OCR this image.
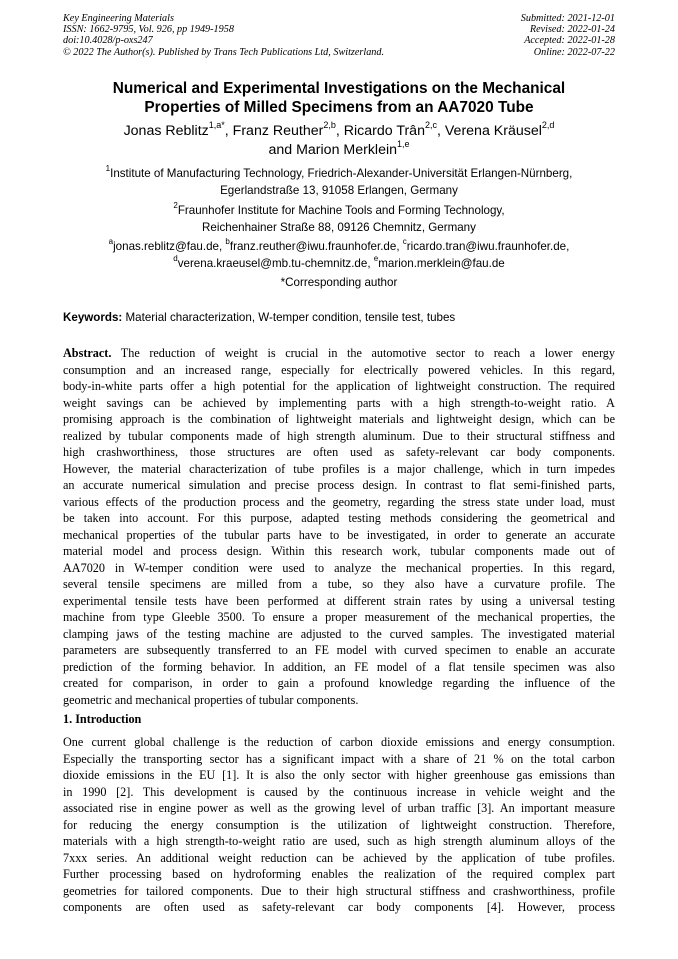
Key Engineering Materials
ISSN: 1662-9795, Vol. 926, pp 1949-1958
doi:10.4028/p-oxs247
© 2022 The Author(s). Published by Trans Tech Publications Ltd, Switzerland.
Submitted: 2021-12-01
Revised: 2022-01-24
Accepted: 2022-01-28
Online: 2022-07-22
Numerical and Experimental Investigations on the Mechanical
Properties of Milled Specimens from an AA7020 Tube
Jonas Reblitz$^{1,a*}$, Franz Reuther$^{2,b}$, Ricardo Trân$^{2,c}$, Verena Kräusel$^{2,d}$
and Marion Merklein$^{1,e}$
$^1$Institute of Manufacturing Technology, Friedrich-Alexander-Universität Erlangen-Nürnberg,
Egerlandstraße 13, 91058 Erlangen, Germany
$^2$Fraunhofer Institute for Machine Tools and Forming Technology,
Reichenhainer Straße 88, 09126 Chemnitz, Germany
$^a$jonas.reblitz@fau.de, $^b$franz.reuther@iwu.fraunhofer.de, $^c$ricardo.tran@iwu.fraunhofer.de,
$^d$verena.kraeusel@mb.tu-chemnitz.de, $^e$marion.merklein@fau.de
*Corresponding author
Keywords: Material characterization, W-temper condition, tensile test, tubes
Abstract. The reduction of weight is crucial in the automotive sector to reach a lower energy
consumption and an increased range, especially for electrically powered vehicles. In this regard,
body-in-white parts offer a high potential for the application of lightweight construction. The required
weight savings can be achieved by implementing parts with a high strength-to-weight ratio. A
promising approach is the combination of lightweight materials and lightweight design, which can be
realized by tubular components made of high strength aluminum. Due to their structural stiffness and
high crashworthiness, those structures are often used as safety-relevant car body components.
However, the material characterization of tube profiles is a major challenge, which in turn impedes
an accurate numerical simulation and precise process design. In contrast to flat semi-finished parts,
various effects of the production process and the geometry, regarding the stress state under load, must
be taken into account. For this purpose, adapted testing methods considering the geometrical and
mechanical properties of the tubular parts have to be investigated, in order to generate an accurate
material model and process design. Within this research work, tubular components made out of
AA7020 in W-temper condition were used to analyze the mechanical properties. In this regard,
several tensile specimens are milled from a tube, so they also have a curvature profile. The
experimental tensile tests have been performed at different strain rates by using a universal testing
machine from type Gleeble 3500. To ensure a proper measurement of the mechanical properties, the
clamping jaws of the testing machine are adjusted to the curved samples. The investigated material
parameters are subsequently transferred to an FE model with curved specimen to enable an accurate
prediction of the forming behavior. In addition, an FE model of a flat tensile specimen was also
created for comparison, in order to gain a profound knowledge regarding the influence of the
geometric and mechanical properties of tubular components.
1. Introduction
One current global challenge is the reduction of carbon dioxide emissions and energy consumption.
Especially the transporting sector has a significant impact with a share of 21 % on the total carbon
dioxide emissions in the EU [1]. It is also the only sector with higher greenhouse gas emissions than
in 1990 [2]. This development is caused by the continuous increase in vehicle weight and the
associated rise in engine power as well as the growing level of urban traffic [3]. An important measure
for reducing the energy consumption is the utilization of lightweight construction. Therefore,
materials with a high strength-to-weight ratio are used, such as high strength aluminum alloys of the
7xxx series. An additional weight reduction can be achieved by the application of tube profiles.
Further processing based on hydroforming enables the realization of the required complex part
geometries for tailored components. Due to their high structural stiffness and crashworthiness, profile
components are often used as safety-relevant car body components [4]. However, process
